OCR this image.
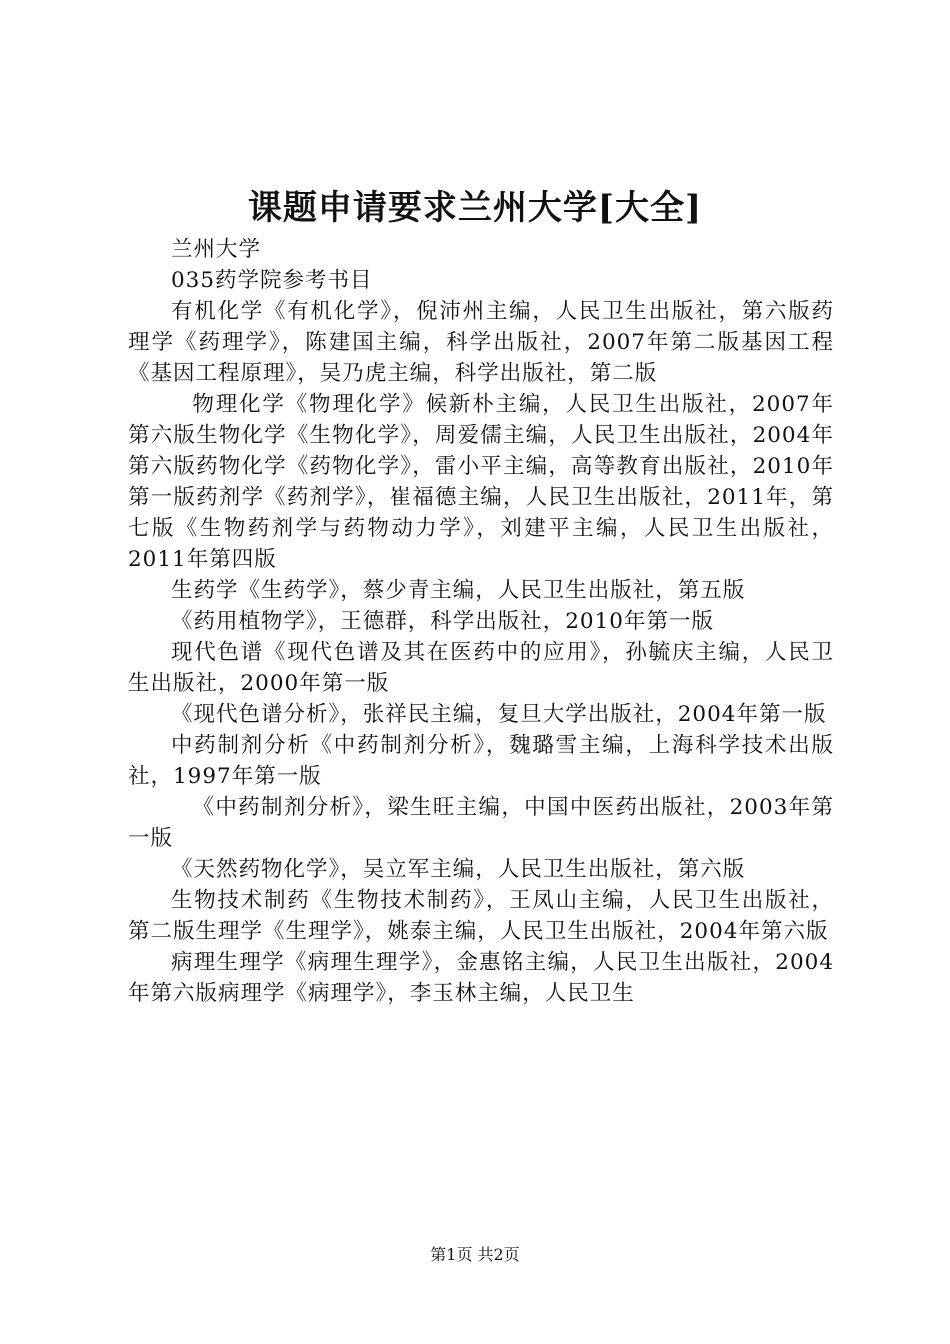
课题申请要求兰州大学[大全]

兰州大学

035药学院参考书目

有机化学《有机化学》，倪沛州主编，人民卫生出版社，第六版药理学《药理学》，陈建国主编，科学出版社，2007年第二版基因工程《基因工程原理》，吴乃虎主编，科学出版社，第二版

物理化学《物理化学》候新朴主编，人民卫生出版社，2007年第六版生物化学《生物化学》，周爱儒主编，人民卫生出版社，2004年第六版药物化学《药物化学》，雷小平主编，高等教育出版社，2010年第一版药剂学《药剂学》，崔福德主编，人民卫生出版社，2011年，第七版《生物药剂学与药物动力学》，刘建平主编，人民卫生出版社，2011年第四版

生药学《生药学》，蔡少青主编，人民卫生出版社，第五版

《药用植物学》，王德群，科学出版社，2010年第一版

现代色谱《现代色谱及其在医药中的应用》，孙毓庆主编，人民卫生出版社，2000年第一版

《现代色谱分析》，张祥民主编，复旦大学出版社，2004年第一版

中药制剂分析《中药制剂分析》，魏璐雪主编，上海科学技术出版社，1997年第一版

《中药制剂分析》，梁生旺主编，中国中医药出版社，2003年第一版

《天然药物化学》，吴立军主编，人民卫生出版社，第六版

生物技术制药《生物技术制药》，王凤山主编，人民卫生出版社，第二版生理学《生理学》，姚泰主编，人民卫生出版社，2004年第六版

病理生理学《病理生理学》，金惠铭主编，人民卫生出版社，2004年第六版病理学《病理学》，李玉林主编，人民卫生

第1页 共2页
